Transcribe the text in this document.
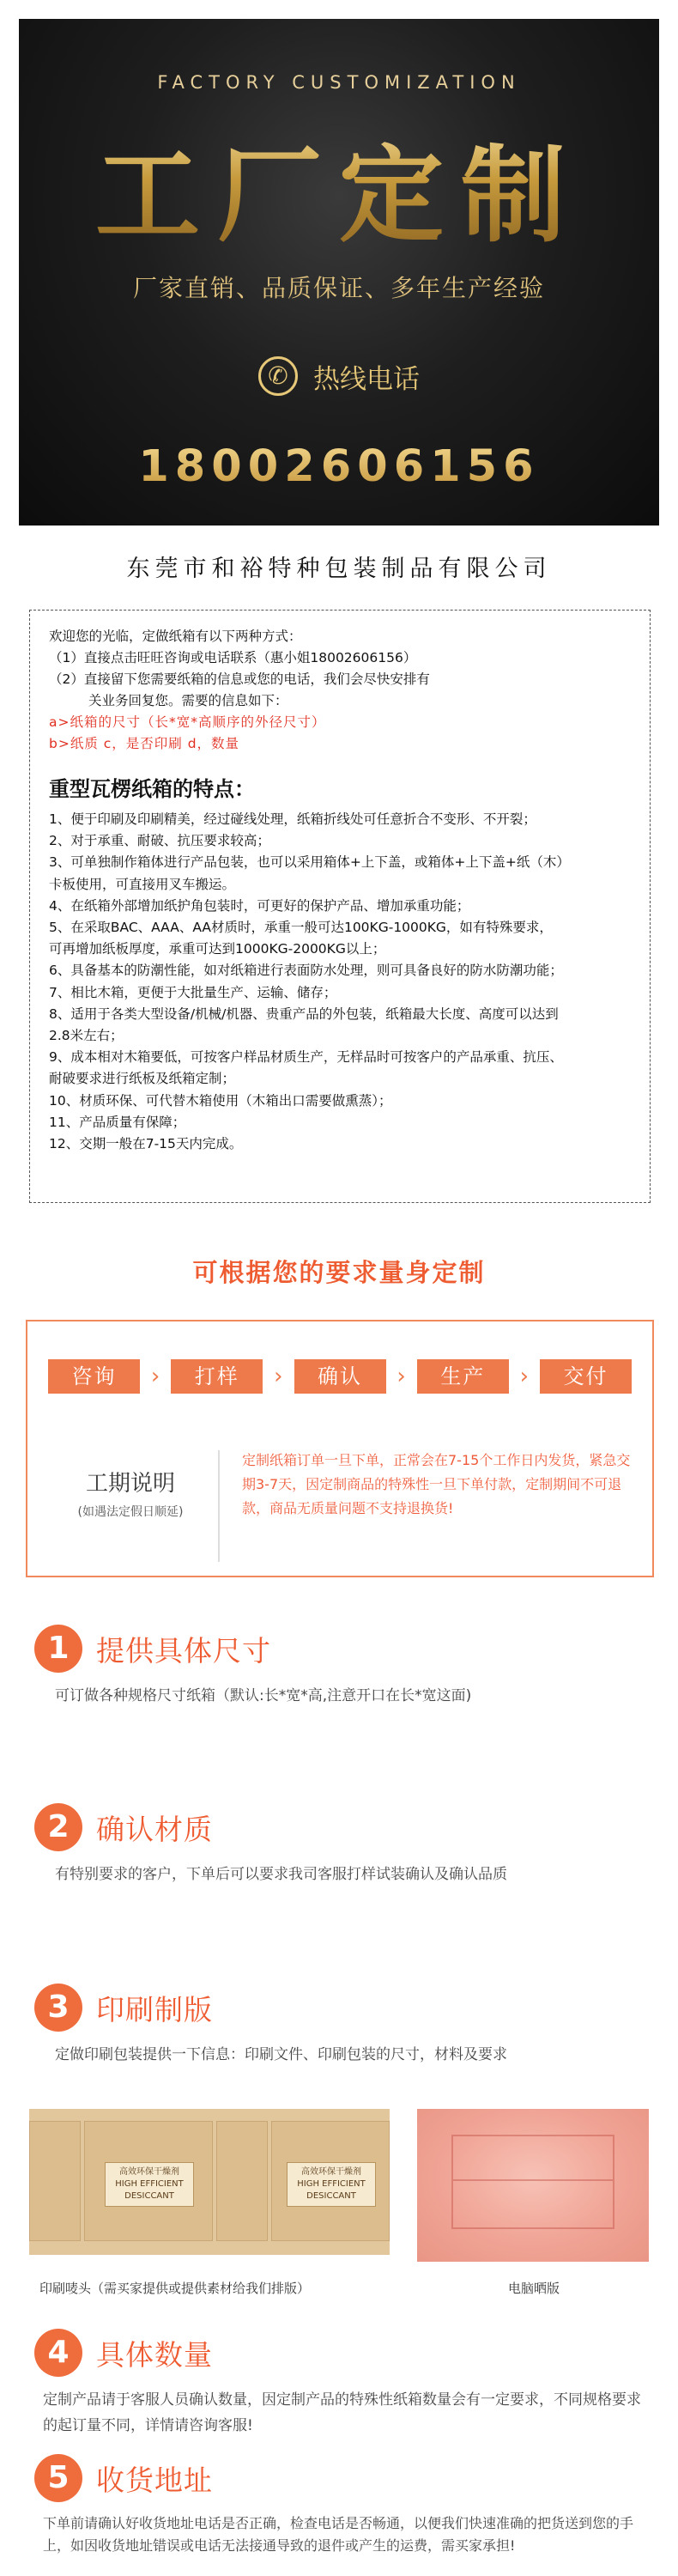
FACTORY CUSTOMIZATION
工厂定制
厂家直销、品质保证、多年生产经验
✆
热线电话
18002606156
东莞市和裕特种包装制品有限公司
欢迎您的光临，定做纸箱有以下两种方式：
（1）直接点击旺旺咨询或电话联系（惠小姐18002606156）
（2）直接留下您需要纸箱的信息或您的电话，我们会尽快安排有
关业务回复您。需要的信息如下：
a>纸箱的尺寸（长*宽*高顺序的外径尺寸）
b>纸质 c，是否印刷 d，数量
重型瓦楞纸箱的特点：
1、便于印刷及印刷精美，经过碰线处理，纸箱折线处可任意折合不变形、不开裂；
2、对于承重、耐破、抗压要求较高；
3、可单独制作箱体进行产品包装，也可以采用箱体+上下盖，或箱体+上下盖+纸（木）
卡板使用，可直接用叉车搬运。
4、在纸箱外部增加纸护角包装时，可更好的保护产品、增加承重功能；
5、在采取BAC、AAA、AA材质时，承重一般可达100KG-1000KG，如有特殊要求，
可再增加纸板厚度，承重可达到1000KG-2000KG以上；
6、具备基本的防潮性能，如对纸箱进行表面防水处理，则可具备良好的防水防潮功能；
7、相比木箱，更便于大批量生产、运输、储存；
8、适用于各类大型设备/机械/机器、贵重产品的外包装，纸箱最大长度、高度可以达到
2.8米左右；
9、成本相对木箱要低，可按客户样品材质生产，无样品时可按客户的产品承重、抗压、
耐破要求进行纸板及纸箱定制；
10、材质环保、可代替木箱使用（木箱出口需要做熏蒸）；
11、产品质量有保障；
12、交期一般在7-15天内完成。
可根据您的要求量身定制
咨询	›	打样	›	确认	›	生产	›	交付
工期说明
(如遇法定假日顺延)
定制纸箱订单一旦下单，正常会在7-15个工作日内发货，紧急交期3-7天，因定制商品的特殊性一旦下单付款，定制期间不可退款，商品无质量问题不支持退换货!
1 提供具体尺寸
可订做各种规格尺寸纸箱（默认:长*宽*高,注意开口在长*宽这面)
2 确认材质
有特别要求的客户，下单后可以要求我司客服打样试装确认及确认品质
3 印刷制版
定做印刷包装提供一下信息：印刷文件、印刷包装的尺寸，材料及要求
高效环保干燥剂
HIGH EFFICIENT DESICCANT
高效环保干燥剂
HIGH EFFICIENT DESICCANT
印刷唛头（需买家提供或提供素材给我们排版）	电脑晒版
4 具体数量
定制产品请于客服人员确认数量，因定制产品的特殊性纸箱数量会有一定要求，不同规格要求的起订量不同，详情请咨询客服!
5 收货地址
下单前请确认好收货地址电话是否正确，检查电话是否畅通，以便我们快速准确的把货送到您的手上，如因收货地址错误或电话无法接通导致的退件或产生的运费，需买家承担!
